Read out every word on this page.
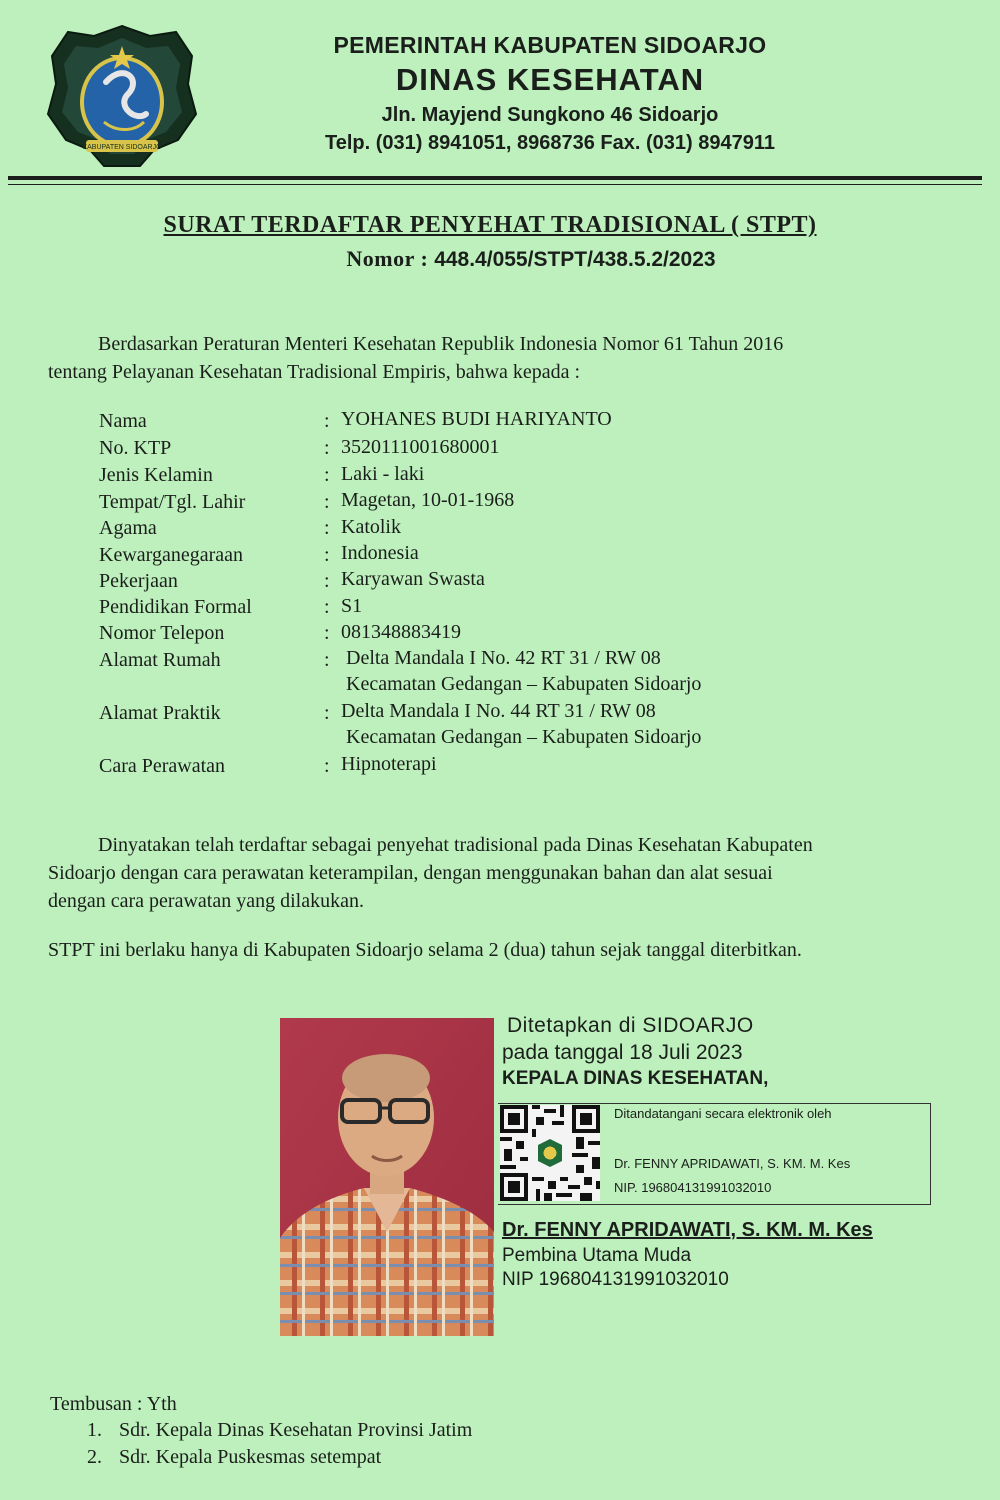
KABUPATEN SIDOARJO
PEMERINTAH KABUPATEN SIDOARJO
DINAS KESEHATAN
Jln. Mayjend Sungkono 46 Sidoarjo
Telp. (031) 8941051, 8968736 Fax. (031) 8947911
SURAT TERDAFTAR PENYEHAT TRADISIONAL ( STPT)
Nomor : 448.4/055/STPT/438.5.2/2023
Berdasarkan Peraturan Menteri Kesehatan Republik Indonesia Nomor 61 Tahun 2016
tentang Pelayanan Kesehatan Tradisional Empiris, bahwa kepada :
Nama	: YOHANES BUDI HARIYANTO
No. KTP	: 3520111001680001
Jenis Kelamin	: Laki - laki
Tempat/Tgl. Lahir	: Magetan, 10-01-1968
Agama	: Katolik
Kewarganegaraan	: Indonesia
Pekerjaan	: Karyawan Swasta
Pendidikan Formal	: S1
Nomor Telepon	: 081348883419
Alamat Rumah	: Delta Mandala I No. 42 RT 31 / RW 08
Kecamatan Gedangan – Kabupaten Sidoarjo
Alamat Praktik	: Delta Mandala I No. 44 RT 31 / RW 08
Kecamatan Gedangan – Kabupaten Sidoarjo
Cara Perawatan	: Hipnoterapi
Dinyatakan telah terdaftar sebagai penyehat tradisional pada Dinas Kesehatan Kabupaten
Sidoarjo dengan cara perawatan keterampilan, dengan menggunakan bahan dan alat sesuai
dengan cara perawatan yang dilakukan.
STPT ini berlaku hanya di Kabupaten Sidoarjo selama 2 (dua) tahun sejak tanggal diterbitkan.
Ditetapkan di SIDOARJO
pada tanggal 18 Juli 2023
KEPALA DINAS KESEHATAN,
Ditandatangani secara elektronik oleh
Dr. FENNY APRIDAWATI, S. KM. M. Kes
NIP. 196804131991032010
Dr. FENNY APRIDAWATI, S. KM. M. Kes
Pembina Utama Muda
NIP 196804131991032010
Tembusan : Yth
1. Sdr. Kepala Dinas Kesehatan Provinsi Jatim
2. Sdr. Kepala Puskesmas setempat
